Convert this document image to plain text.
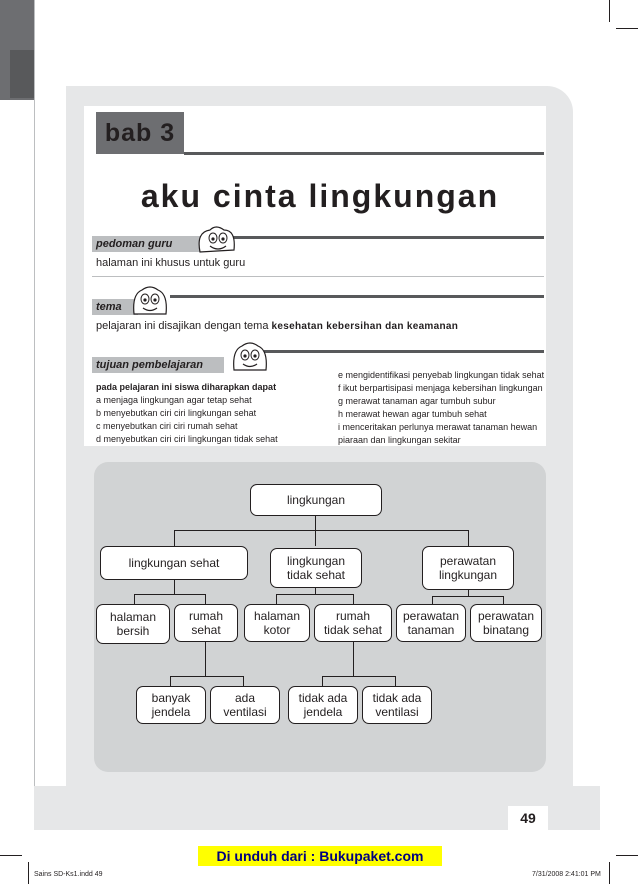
bab 3
aku cinta lingkungan
pedoman guru
halaman ini khusus untuk guru
tema
pelajaran ini disajikan dengan tema kesehatan kebersihan dan keamanan
tujuan pembelajaran
pada pelajaran ini siswa diharapkan dapat
a menjaga lingkungan agar tetap sehat
b menyebutkan ciri ciri lingkungan sehat
c menyebutkan ciri ciri rumah sehat
d menyebutkan ciri ciri lingkungan tidak sehat
e mengidentifikasi penyebab lingkungan tidak sehat
f ikut berpartisipasi menjaga kebersihan lingkungan
g merawat tanaman agar tumbuh subur
h merawat hewan agar tumbuh sehat
i menceritakan perlunya merawat tanaman hewan
piaraan dan lingkungan sekitar
lingkungan
lingkungan sehat	lingkungan
tidak sehat
perawatan
lingkungan
halaman
bersih
rumah
sehat
halaman
kotor
rumah
tidak sehat
perawatan
tanaman
perawatan
binatang
banyak
jendela
ada
ventilasi
tidak ada
jendela
tidak ada
ventilasi
49
Di unduh dari : Bukupaket.com
Sains SD-Ks1.indd 49	7/31/2008 2:41:01 PM
